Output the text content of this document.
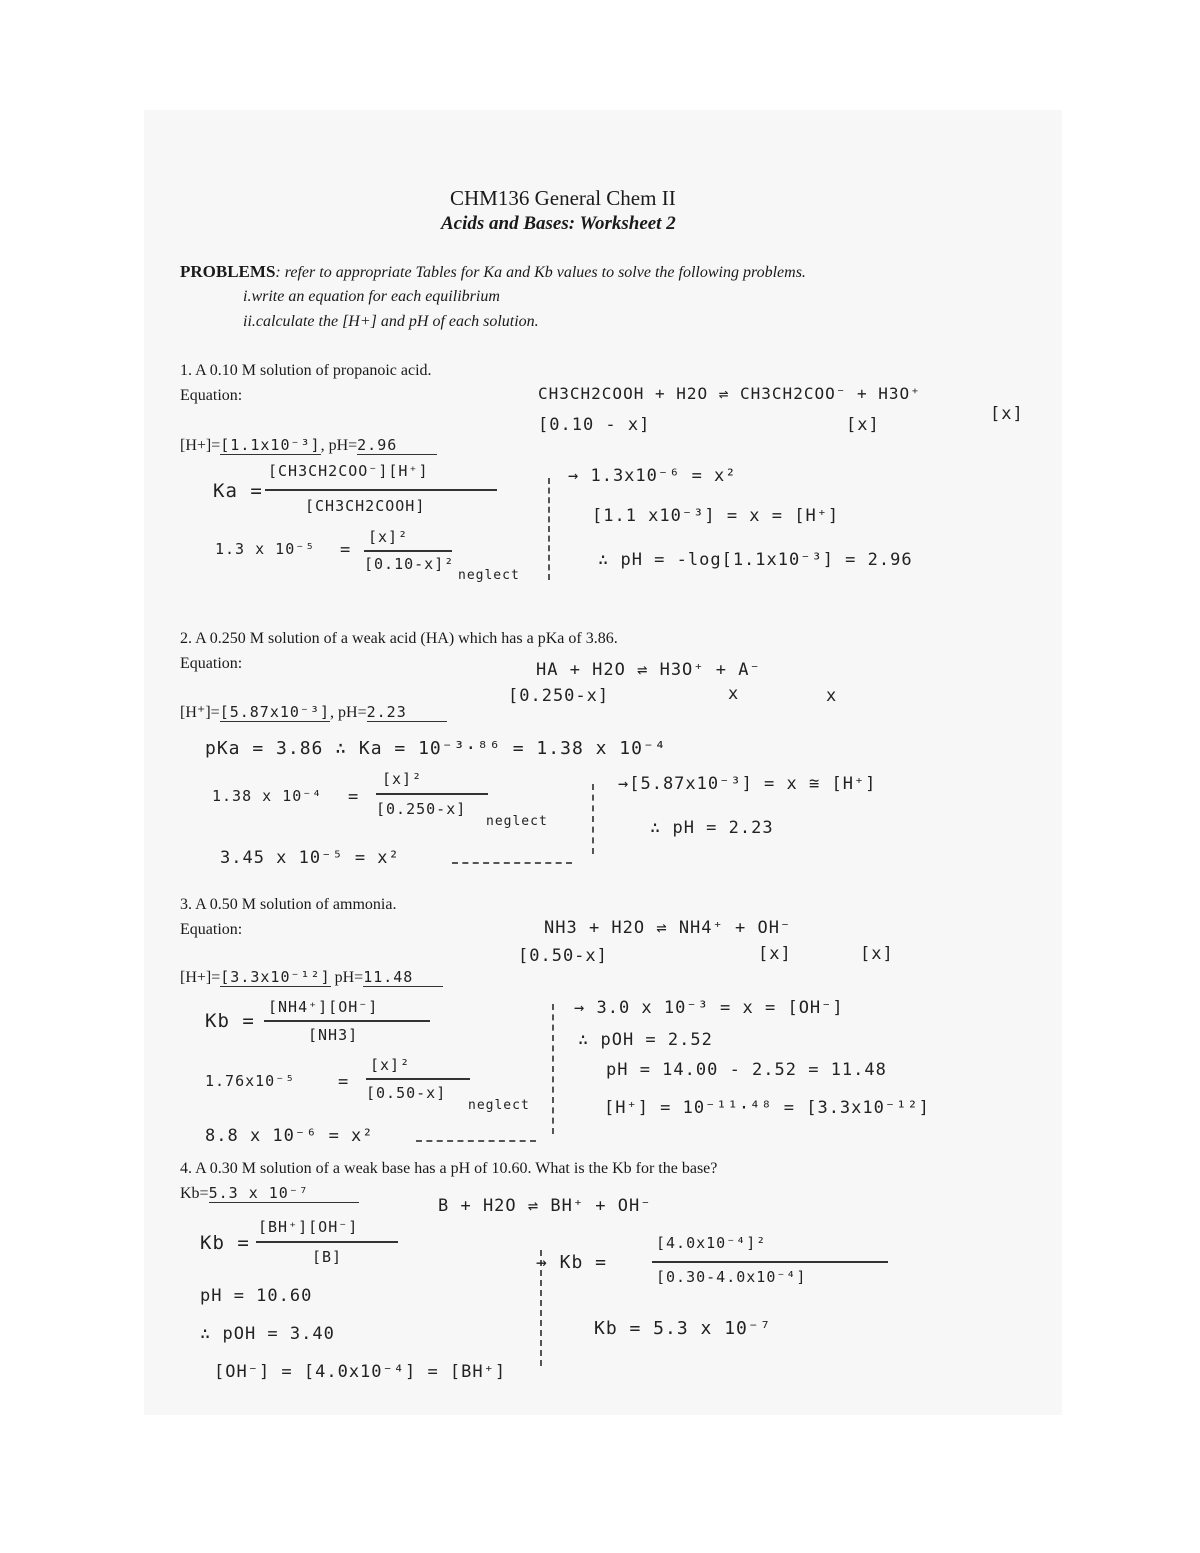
CHM136 General Chem II
Acids and Bases: Worksheet 2
PROBLEMS: refer to appropriate Tables for Ka and Kb values to solve the following problems.
i.write an equation for each equilibrium
ii.calculate the [H+] and pH of each solution.
1. A 0.10 M solution of propanoic acid.
Equation:	CH3CH2COOH + H2O ⇌ CH3CH2COO⁻ + H3O⁺
[0.10 - x]	[x]
[x]
[H+]=[1.1x10⁻³], pH=2.96
Ka =
[CH3CH2COO⁻][H⁺]
[CH3CH2COOH]
1.3 x 10⁻⁵ =
[x]²
[0.10-x]²
neglect
→ 1.3x10⁻⁶ = x²
[1.1 x10⁻³] = x = [H⁺]
∴ pH = -log[1.1x10⁻³] = 2.96
2. A 0.250 M solution of a weak acid (HA) which has a pKa of 3.86.
Equation:	HA + H2O ⇌ H3O⁺ + A⁻
[0.250-x]	x	x
[H⁺]=[5.87x10⁻³], pH=2.23
pKa = 3.86 ∴ Ka = 10⁻³·⁸⁶ = 1.38 x 10⁻⁴
1.38 x 10⁻⁴ =
[x]²
[0.250-x]
neglect
3.45 x 10⁻⁵ = x²
→[5.87x10⁻³] = x ≅ [H⁺]
∴ pH = 2.23
3. A 0.50 M solution of ammonia.
Equation:	NH3 + H2O ⇌ NH4⁺ + OH⁻
[0.50-x]	[x]	[x]
[H+]=[3.3x10⁻¹²] pH=11.48
Kb =
[NH4⁺][OH⁻]
[NH3]
1.76x10⁻⁵	=
[x]²
[0.50-x]
neglect
8.8 x 10⁻⁶ = x²
→ 3.0 x 10⁻³ = x = [OH⁻]
∴ pOH = 2.52
pH = 14.00 - 2.52 = 11.48
[H⁺] = 10⁻¹¹·⁴⁸ = [3.3x10⁻¹²]
4. A 0.30 M solution of a weak base has a pH of 10.60. What is the Kb for the base?
Kb=5.3 x 10⁻⁷
B + H2O ⇌ BH⁺ + OH⁻
Kb =
[BH⁺][OH⁻]
[B]
pH = 10.60
∴ pOH = 3.40
[OH⁻] = [4.0x10⁻⁴] = [BH⁺]
→ Kb =
[4.0x10⁻⁴]²
[0.30-4.0x10⁻⁴]
Kb = 5.3 x 10⁻⁷
